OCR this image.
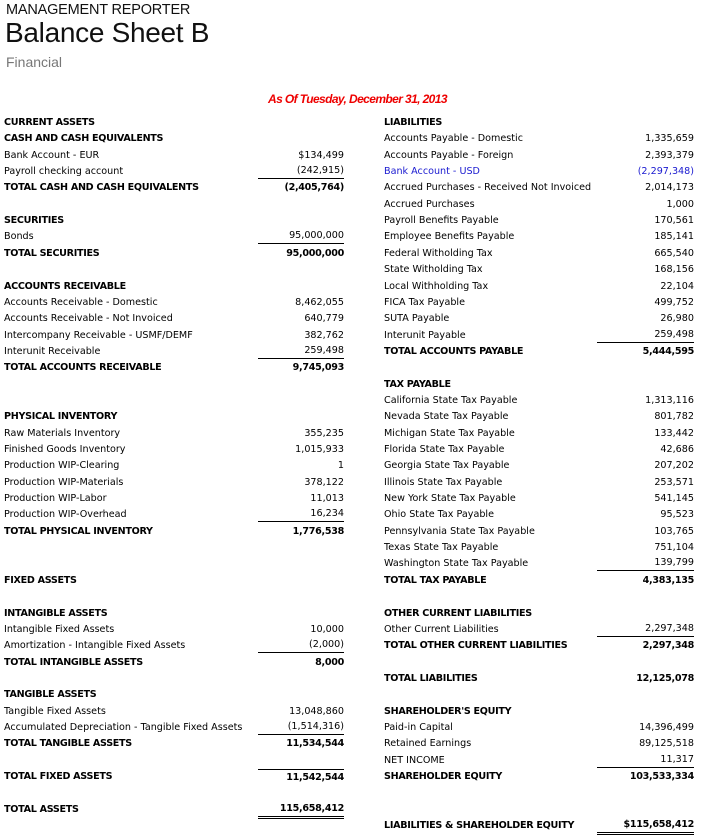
MANAGEMENT REPORTER
Balance Sheet B
Financial
As Of Tuesday, December 31, 2013
CURRENT ASSETS
CASH AND CASH EQUIVALENTS
Bank Account - EUR	$134,499
Payroll checking account	(242,915)
TOTAL CASH AND CASH EQUIVALENTS	(2,405,764)
SECURITIES
Bonds	95,000,000
TOTAL SECURITIES	95,000,000
ACCOUNTS RECEIVABLE
Accounts Receivable - Domestic	8,462,055
Accounts Receivable - Not Invoiced	640,779
Intercompany Receivable - USMF/DEMF	382,762
Interunit Receivable	259,498
TOTAL ACCOUNTS RECEIVABLE	9,745,093
PHYSICAL INVENTORY
Raw Materials Inventory	355,235
Finished Goods Inventory	1,015,933
Production WIP-Clearing	1
Production WIP-Materials	378,122
Production WIP-Labor	11,013
Production WIP-Overhead	16,234
TOTAL PHYSICAL INVENTORY	1,776,538
FIXED ASSETS
INTANGIBLE ASSETS
Intangible Fixed Assets	10,000
Amortization - Intangible Fixed Assets	(2,000)
TOTAL INTANGIBLE ASSETS	8,000
TANGIBLE ASSETS
Tangible Fixed Assets	13,048,860
Accumulated Depreciation - Tangible Fixed Assets	(1,514,316)
TOTAL TANGIBLE ASSETS	11,534,544
TOTAL FIXED ASSETS	11,542,544
TOTAL ASSETS	115,658,412
LIABILITIES
Accounts Payable - Domestic	1,335,659
Accounts Payable - Foreign	2,393,379
Bank Account - USD	(2,297,348)
Accrued Purchases - Received Not Invoiced	2,014,173
Accrued Purchases	1,000
Payroll Benefits Payable	170,561
Employee Benefits Payable	185,141
Federal Witholding Tax	665,540
State Witholding Tax	168,156
Local Withholding Tax	22,104
FICA Tax Payable	499,752
SUTA Payable	26,980
Interunit Payable	259,498
TOTAL ACCOUNTS PAYABLE	5,444,595
TAX PAYABLE
California State Tax Payable	1,313,116
Nevada State Tax Payable	801,782
Michigan State Tax Payable	133,442
Florida State Tax Payable	42,686
Georgia State Tax Payable	207,202
Illinois State Tax Payable	253,571
New York State Tax Payable	541,145
Ohio State Tax Payable	95,523
Pennsylvania State Tax Payable	103,765
Texas State Tax Payable	751,104
Washington State Tax Payable	139,799
TOTAL TAX PAYABLE	4,383,135
OTHER CURRENT LIABILITIES
Other Current Liabilities	2,297,348
TOTAL OTHER CURRENT LIABILITIES	2,297,348
TOTAL LIABILITIES	12,125,078
SHAREHOLDER'S EQUITY
Paid-in Capital	14,396,499
Retained Earnings	89,125,518
NET INCOME	11,317
SHAREHOLDER EQUITY	103,533,334
LIABILITIES & SHAREHOLDER EQUITY	$115,658,412
